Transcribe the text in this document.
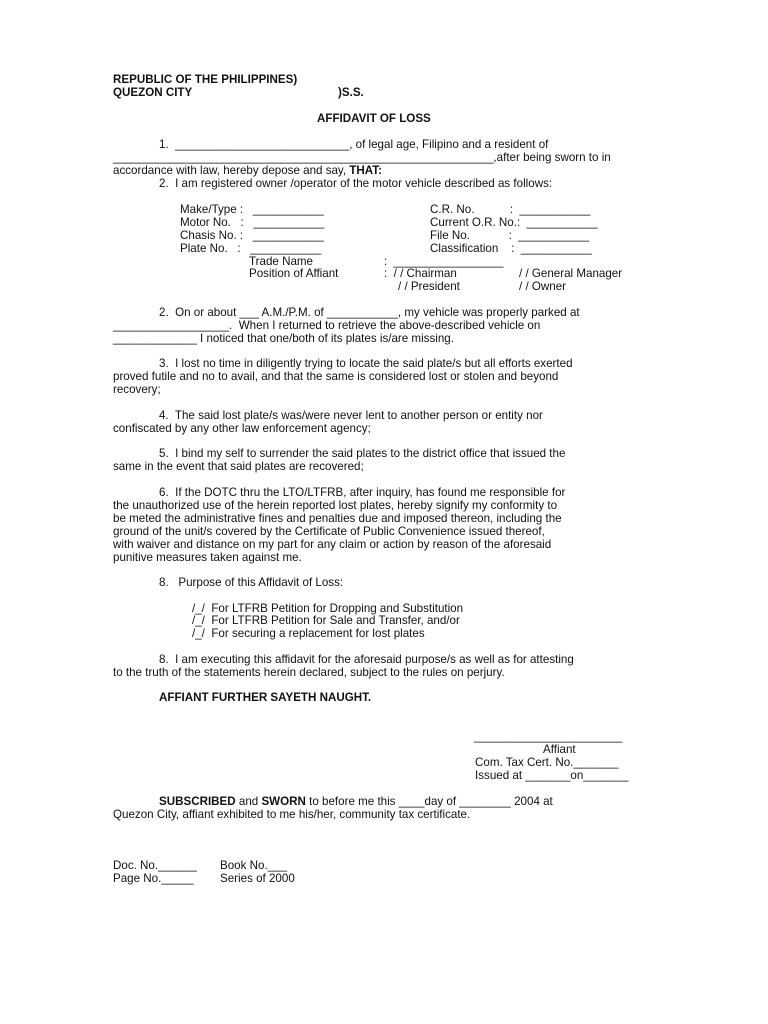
REPUBLIC OF THE PHILIPPINES)
QUEZON CITY	)S.S.
AFFIDAVIT OF LOSS
1.  ___________________________, of legal age, Filipino and a resident of
___________________________________________________________,after being sworn to in
accordance with law, hereby depose and say, THAT:
2.  I am registered owner /operator of the motor vehicle described as follows:
Make/Type :   ___________
Motor No.   :   ___________
Chasis No. :   ___________
Plate No.   :   ___________
C.R. No.           :  ___________
Current O.R. No.:  ___________
File No.            :  ___________
Classification    :  ___________
Trade Name	:  _________________
Position of Affiant	:  / / Chairman	/ / General Manager
/ / President	/ / Owner
2.  On or about ___ A.M./P.M. of ___________, my vehicle was properly parked at
__________________.  When I returned to retrieve the above-described vehicle on
_____________ I noticed that one/both of its plates is/are missing.
3.  I lost no time in diligently trying to locate the said plate/s but all efforts exerted
proved futile and no to avail, and that the same is considered lost or stolen and beyond
recovery;
4.  The said lost plate/s was/were never lent to another person or entity nor
confiscated by any other law enforcement agency;
5.  I bind my self to surrender the said plates to the district office that issued the
same in the event that said plates are recovered;
6.  If the DOTC thru the LTO/LTFRB, after inquiry, has found me responsible for
the unauthorized use of the herein reported lost plates, hereby signify my conformity to
be meted the administrative fines and penalties due and imposed thereon, including the
ground of the unit/s covered by the Certificate of Public Convenience issued thereof,
with waiver and distance on my part for any claim or action by reason of the aforesaid
punitive measures taken against me.
8.   Purpose of this Affidavit of Loss:
/_/  For LTFRB Petition for Dropping and Substitution
/_/  For LTFRB Petition for Sale and Transfer, and/or
/_/  For securing a replacement for lost plates
8.  I am executing this affidavit for the aforesaid purpose/s as well as for attesting
to the truth of the statements herein declared, subject to the rules on perjury.
AFFIANT FURTHER SAYETH NAUGHT.
_______________________
Affiant
Com. Tax Cert. No._______
Issued at _______on_______
SUBSCRIBED and SWORN to before me this ____day of ________ 2004 at
Quezon City, affiant exhibited to me his/her, community tax certificate.
Doc. No.______ Book No.___
Page No._____ Series of 2000
